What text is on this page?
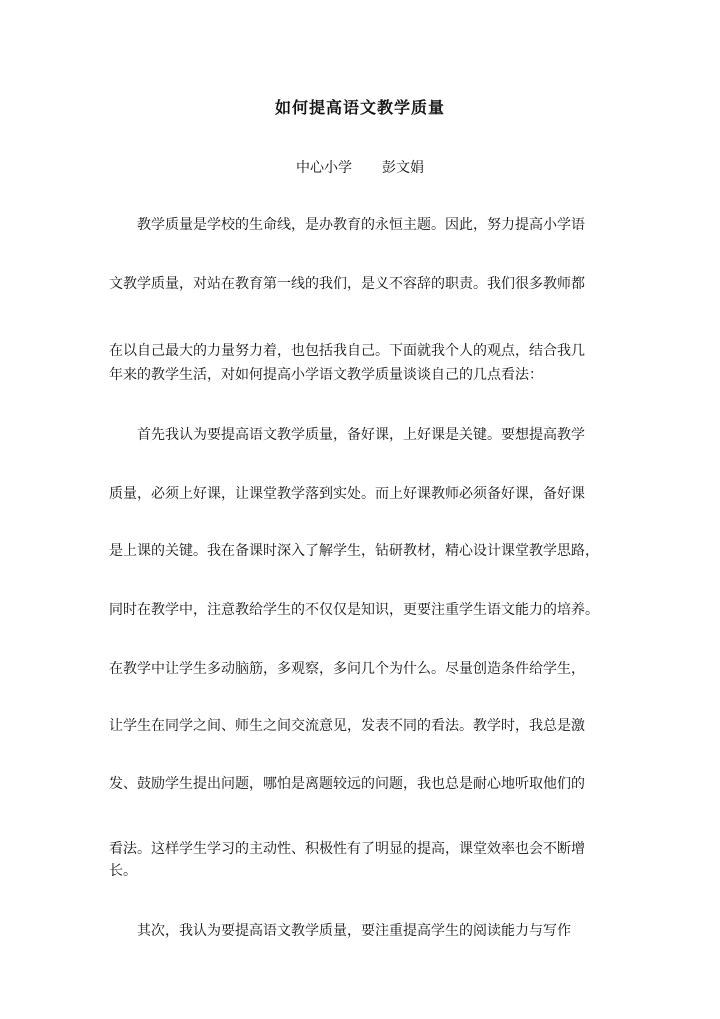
如何提高语文教学质量
中心小学 彭文娟
　　教学质量是学校的生命线，是办教育的永恒主题。因此，努力提高小学语
文教学质量，对站在教育第一线的我们，是义不容辞的职责。我们很多教师都
在以自己最大的力量努力着，也包括我自己。下面就我个人的观点，结合我几
年来的教学生活，对如何提高小学语文教学质量谈谈自己的几点看法：
　　首先我认为要提高语文教学质量，备好课，上好课是关键。要想提高教学
质量，必须上好课，让课堂教学落到实处。而上好课教师必须备好课，备好课
是上课的关键。我在备课时深入了解学生，钻研教材，精心设计课堂教学思路，
同时在教学中，注意教给学生的不仅仅是知识，更要注重学生语文能力的培养。
在教学中让学生多动脑筋，多观察，多问几个为什么。尽量创造条件给学生，
让学生在同学之间、师生之间交流意见，发表不同的看法。教学时，我总是激
发、鼓励学生提出问题，哪怕是离题较远的问题，我也总是耐心地听取他们的
看法。这样学生学习的主动性、积极性有了明显的提高，课堂效率也会不断增
长。
　　其次，我认为要提高语文教学质量，要注重提高学生的阅读能力与写作
